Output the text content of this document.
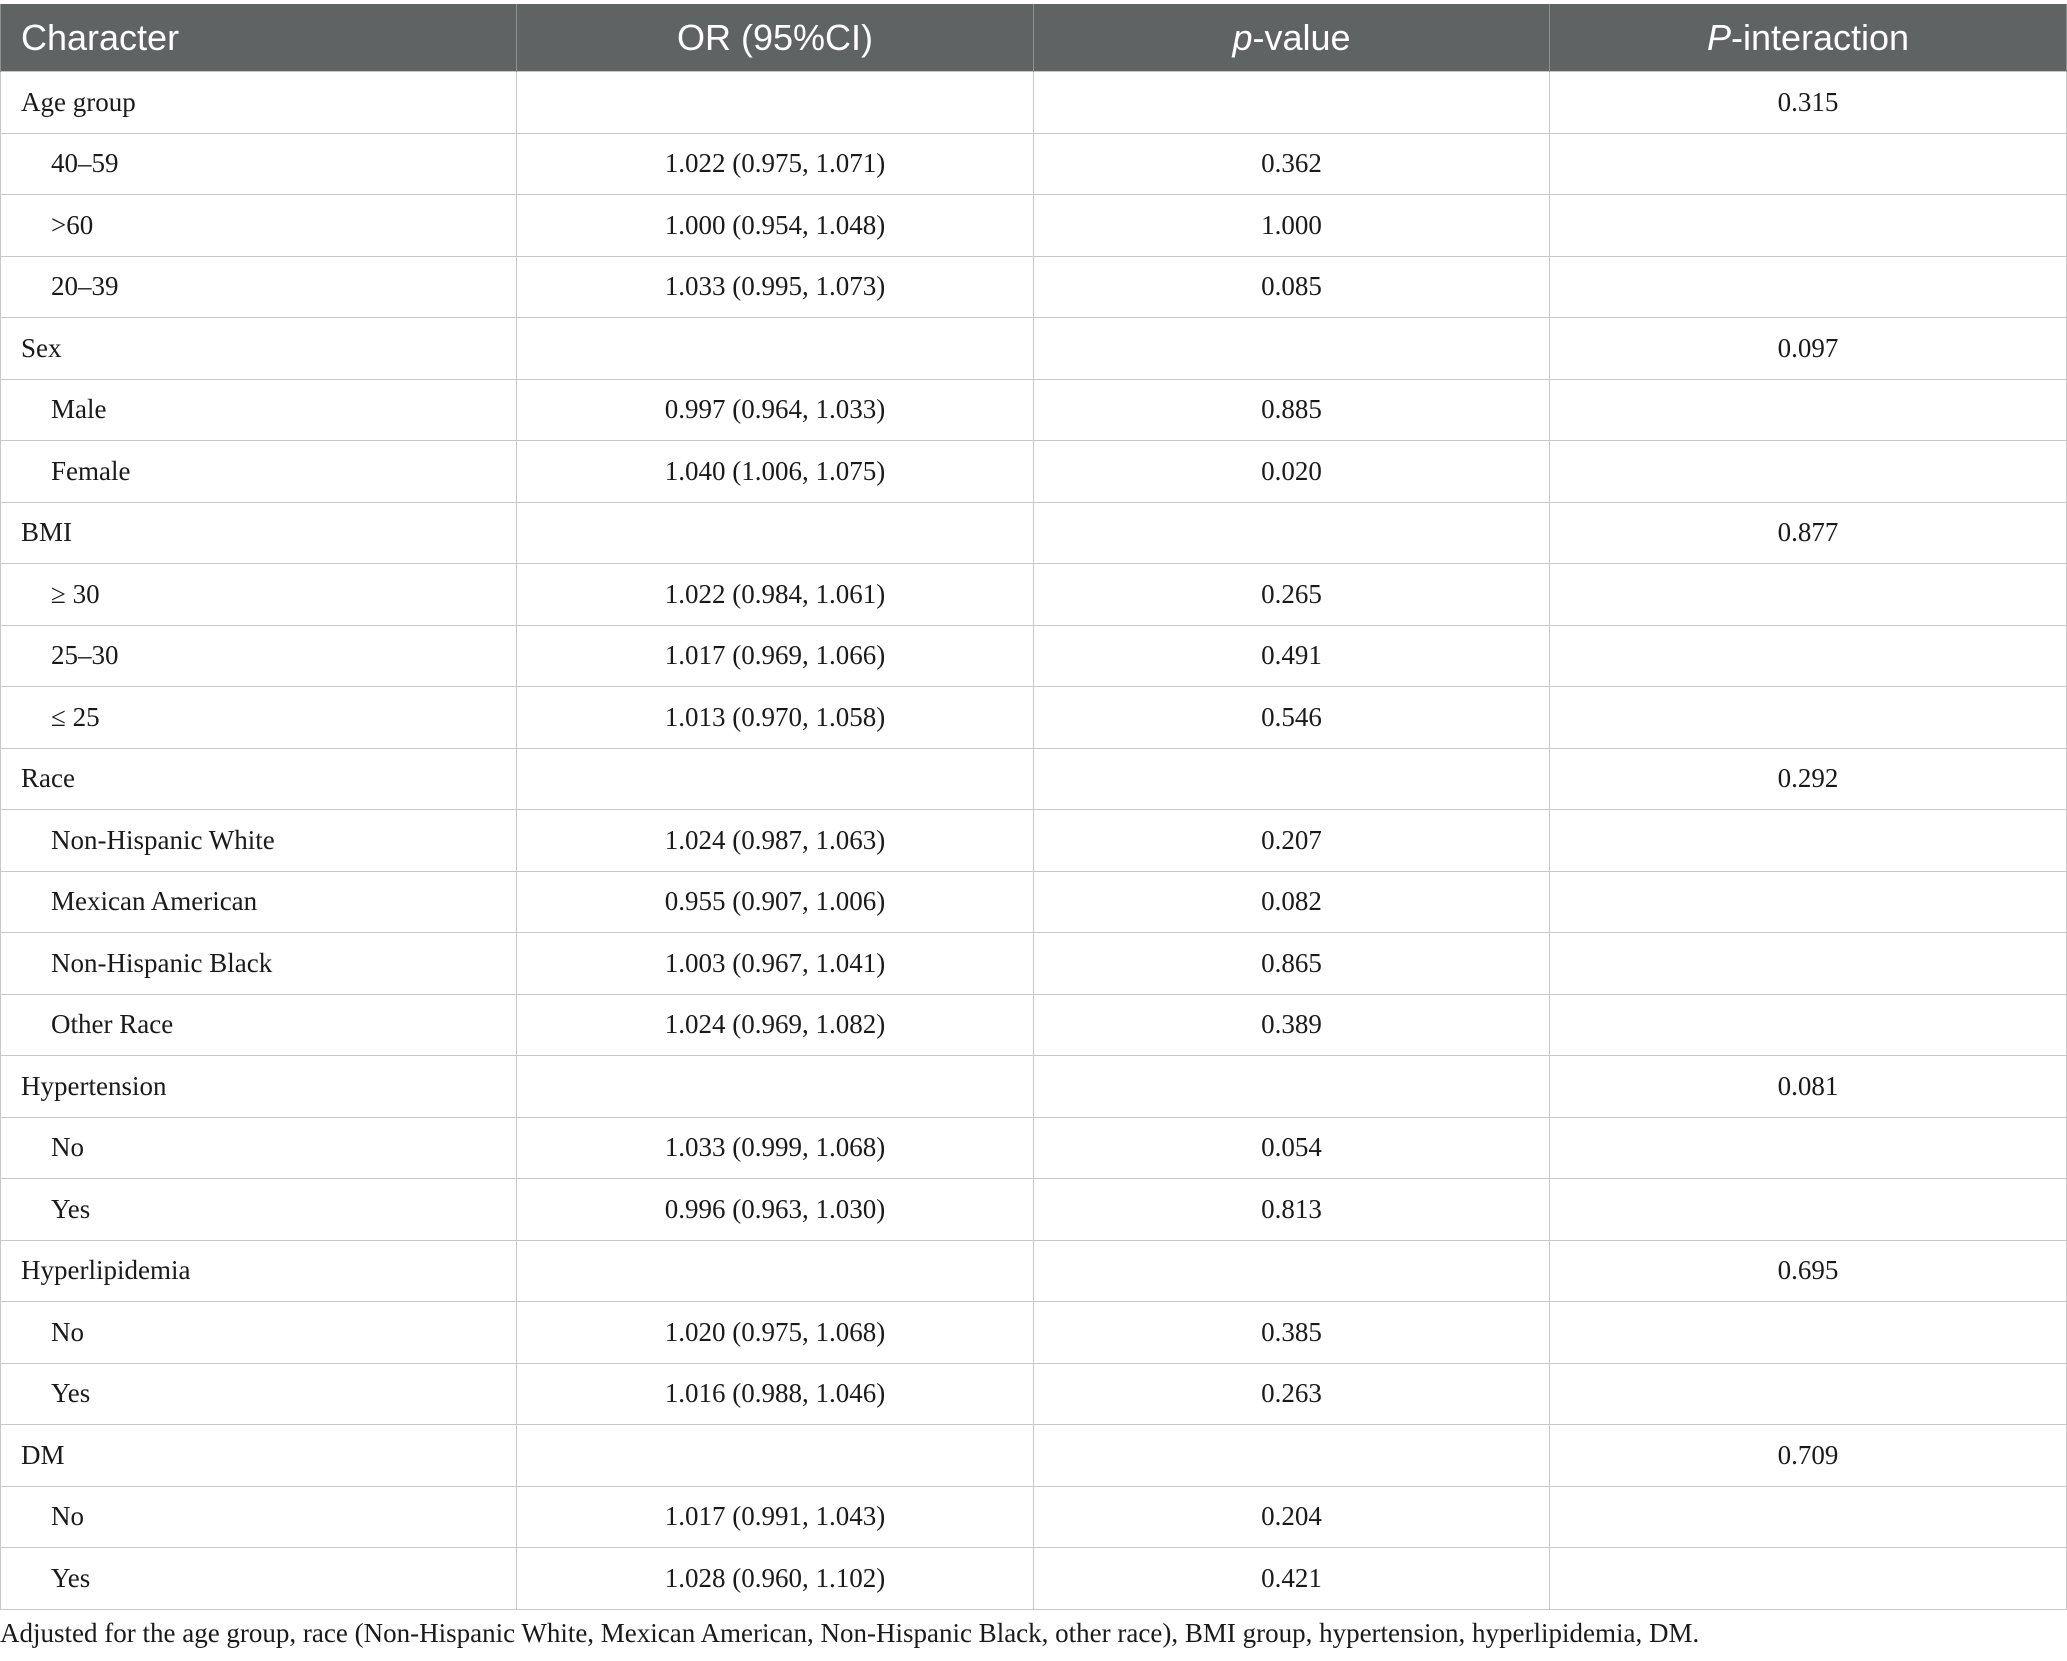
Character	OR (95%CI)	p-value	P-interaction
Age group			0.315
40–59	1.022 (0.975, 1.071)	0.362	
>60	1.000 (0.954, 1.048)	1.000	
20–39	1.033 (0.995, 1.073)	0.085	
Sex			0.097
Male	0.997 (0.964, 1.033)	0.885	
Female	1.040 (1.006, 1.075)	0.020	
BMI			0.877
≥ 30	1.022 (0.984, 1.061)	0.265	
25–30	1.017 (0.969, 1.066)	0.491	
≤ 25	1.013 (0.970, 1.058)	0.546	
Race			0.292
Non-Hispanic White	1.024 (0.987, 1.063)	0.207	
Mexican American	0.955 (0.907, 1.006)	0.082	
Non-Hispanic Black	1.003 (0.967, 1.041)	0.865	
Other Race	1.024 (0.969, 1.082)	0.389	
Hypertension			0.081
No	1.033 (0.999, 1.068)	0.054	
Yes	0.996 (0.963, 1.030)	0.813	
Hyperlipidemia			0.695
No	1.020 (0.975, 1.068)	0.385	
Yes	1.016 (0.988, 1.046)	0.263	
DM			0.709
No	1.017 (0.991, 1.043)	0.204	
Yes	1.028 (0.960, 1.102)	0.421	
Adjusted for the age group, race (Non-Hispanic White, Mexican American, Non-Hispanic Black, other race), BMI group, hypertension, hyperlipidemia, DM.
